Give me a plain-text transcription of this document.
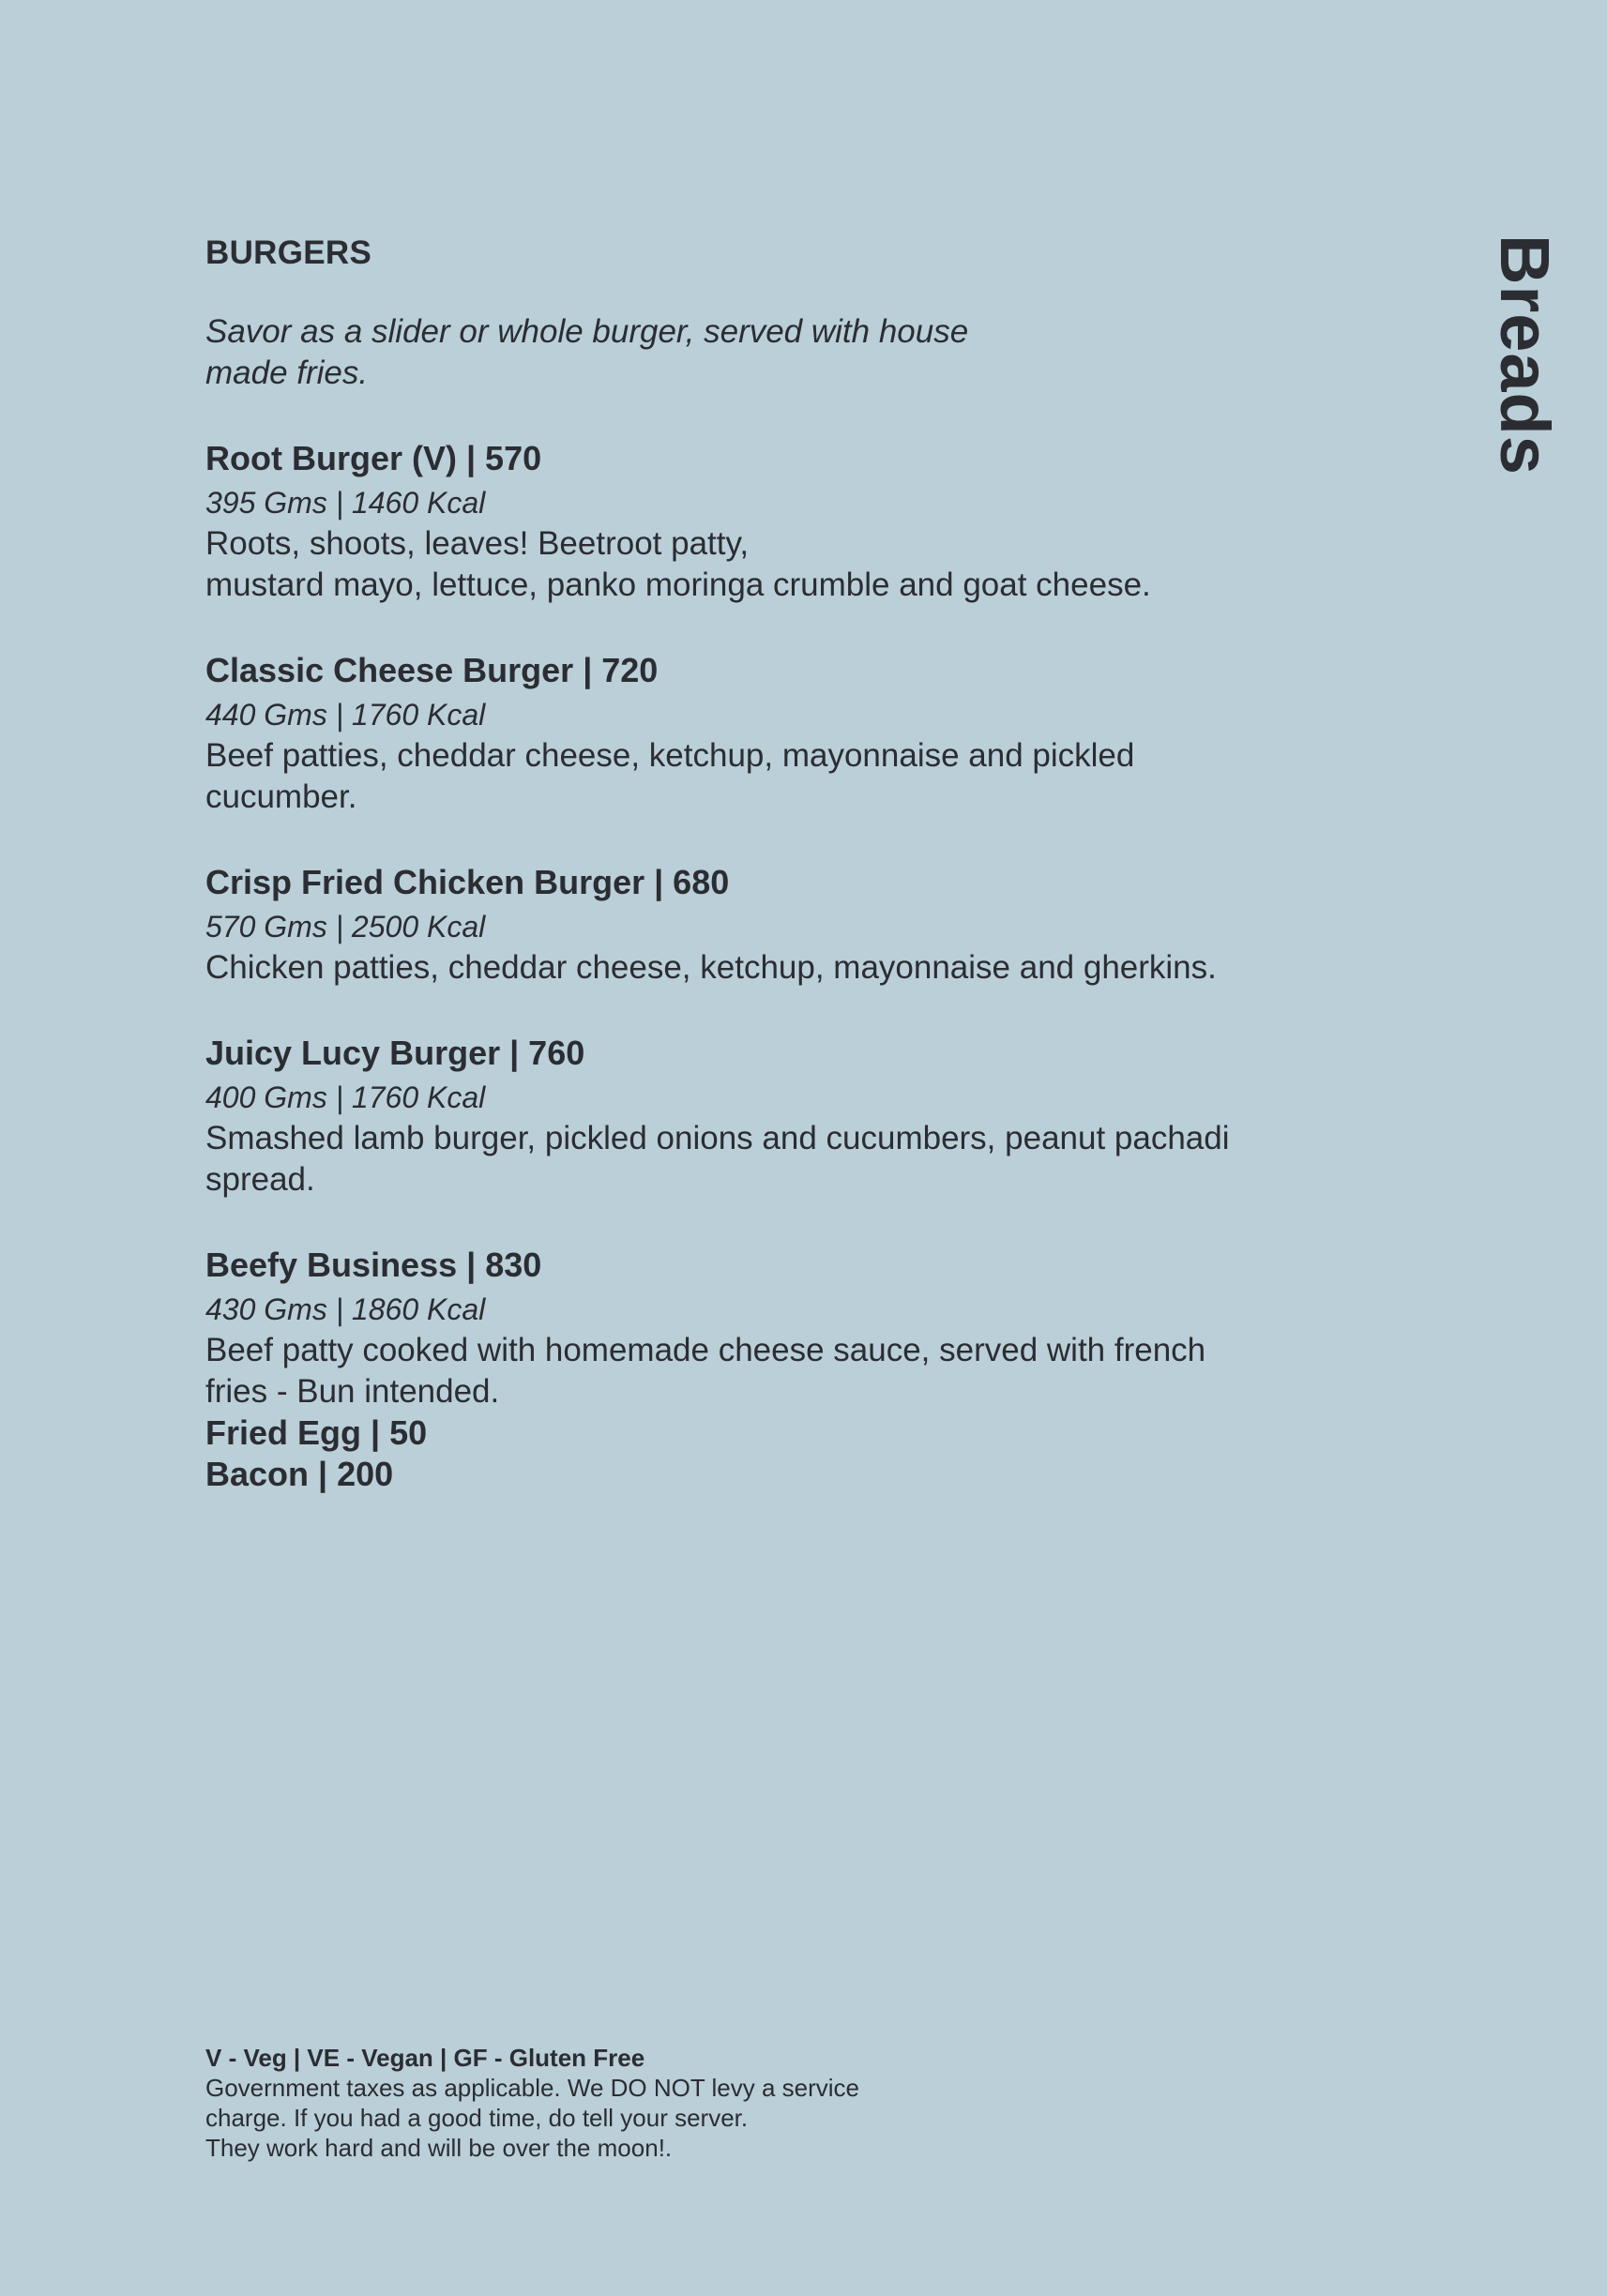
Breads
BURGERS

Savor as a slider or whole burger, served with house made fries.

Root Burger (V) | 570

395 Gms | 1460 Kcal

Roots, shoots, leaves! Beetroot patty,

mustard mayo, lettuce, panko moringa crumble and goat cheese.

Classic Cheese Burger | 720

440 Gms | 1760 Kcal

Beef patties, cheddar cheese, ketchup, mayonnaise and pickled cucumber.

Crisp Fried Chicken Burger | 680

570 Gms | 2500 Kcal

Chicken patties, cheddar cheese, ketchup, mayonnaise and gherkins.

Juicy Lucy Burger | 760

400 Gms | 1760 Kcal

Smashed lamb burger, pickled onions and cucumbers, peanut pachadi spread.

Beefy Business | 830

430 Gms | 1860 Kcal

Beef patty cooked with homemade cheese sauce, served with french fries - Bun intended.

Fried Egg | 50

Bacon | 200

V - Veg | VE - Vegan | GF - Gluten Free

Government taxes as applicable. We DO NOT levy a service

charge. If you had a good time, do tell your server.

They work hard and will be over the moon!.
